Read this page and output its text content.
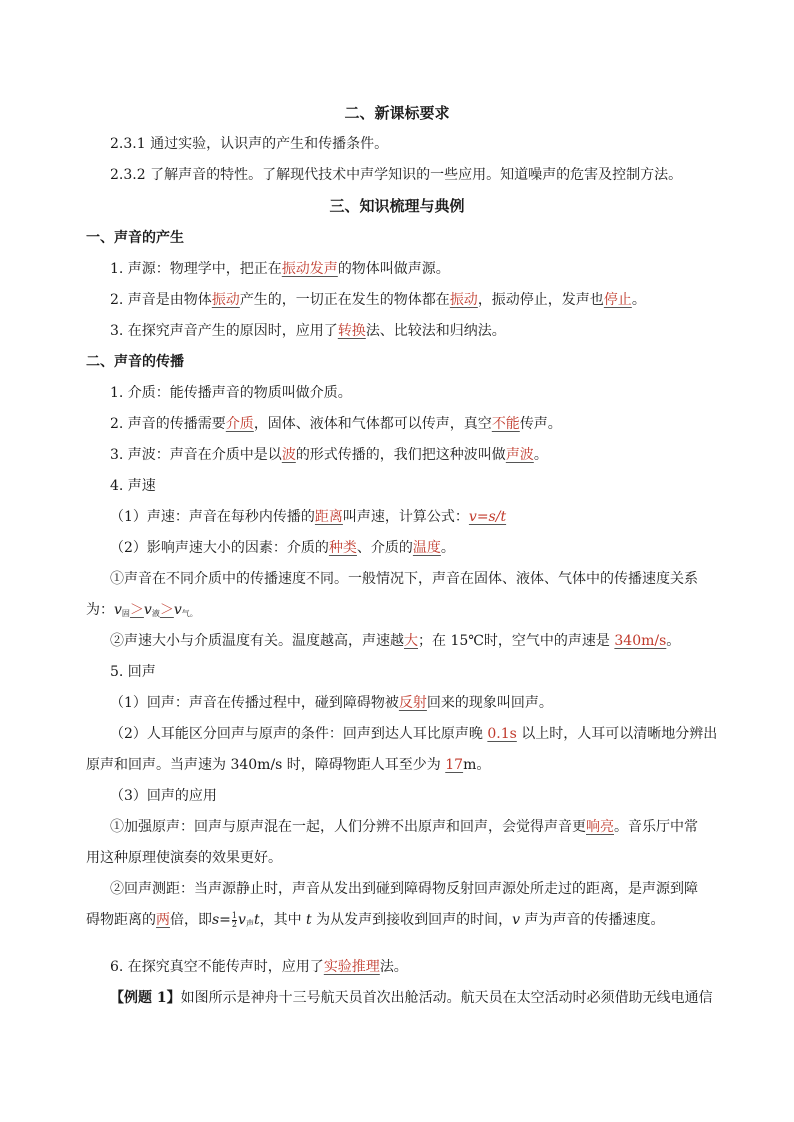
二、新课标要求
2.3.1 通过实验，认识声的产生和传播条件。
2.3.2 了解声音的特性。了解现代技术中声学知识的一些应用。知道噪声的危害及控制方法。
三、知识梳理与典例
一、声音的产生
1. 声源：物理学中，把正在振动发声的物体叫做声源。
2. 声音是由物体振动产生的，一切正在发生的物体都在振动，振动停止，发声也停止。
3. 在探究声音产生的原因时，应用了转换法、比较法和归纳法。
二、声音的传播
1. 介质：能传播声音的物质叫做介质。
2. 声音的传播需要介质，固体、液体和气体都可以传声，真空不能传声。
3. 声波：声音在介质中是以波的形式传播的，我们把这种波叫做声波。
4. 声速
（1）声速：声音在每秒内传播的距离叫声速，计算公式：v=s/t
（2）影响声速大小的因素：介质的种类、介质的温度。
①声音在不同介质中的传播速度不同。一般情况下，声音在固体、液体、气体中的传播速度关系
为：$v_固>v_液>v_{气。}$
②声速大小与介质温度有关。温度越高，声速越大；在 15℃时，空气中的声速是 340m/s。
5. 回声
（1）回声：声音在传播过程中，碰到障碍物被反射回来的现象叫回声。
（2）人耳能区分回声与原声的条件：回声到达人耳比原声晚 0.1s 以上时，人耳可以清晰地分辨出
原声和回声。当声速为 340m/s 时，障碍物距人耳至少为 17m。
（3）回声的应用
①加强原声：回声与原声混在一起，人们分辨不出原声和回声，会觉得声音更响亮。音乐厅中常
用这种原理使演奏的效果更好。
②回声测距：当声源静止时，声音从发出到碰到障碍物反射回声源处所走过的距离，是声源到障
碍物距离的两倍，即$s= \frac{1}{2} v_声t$，其中 t 为从发声到接收到回声的时间，v 声为声音的传播速度。
6. 在探究真空不能传声时，应用了实验推理法。
【例题 1】如图所示是神舟十三号航天员首次出舱活动。航天员在太空活动时必须借助无线电通信
